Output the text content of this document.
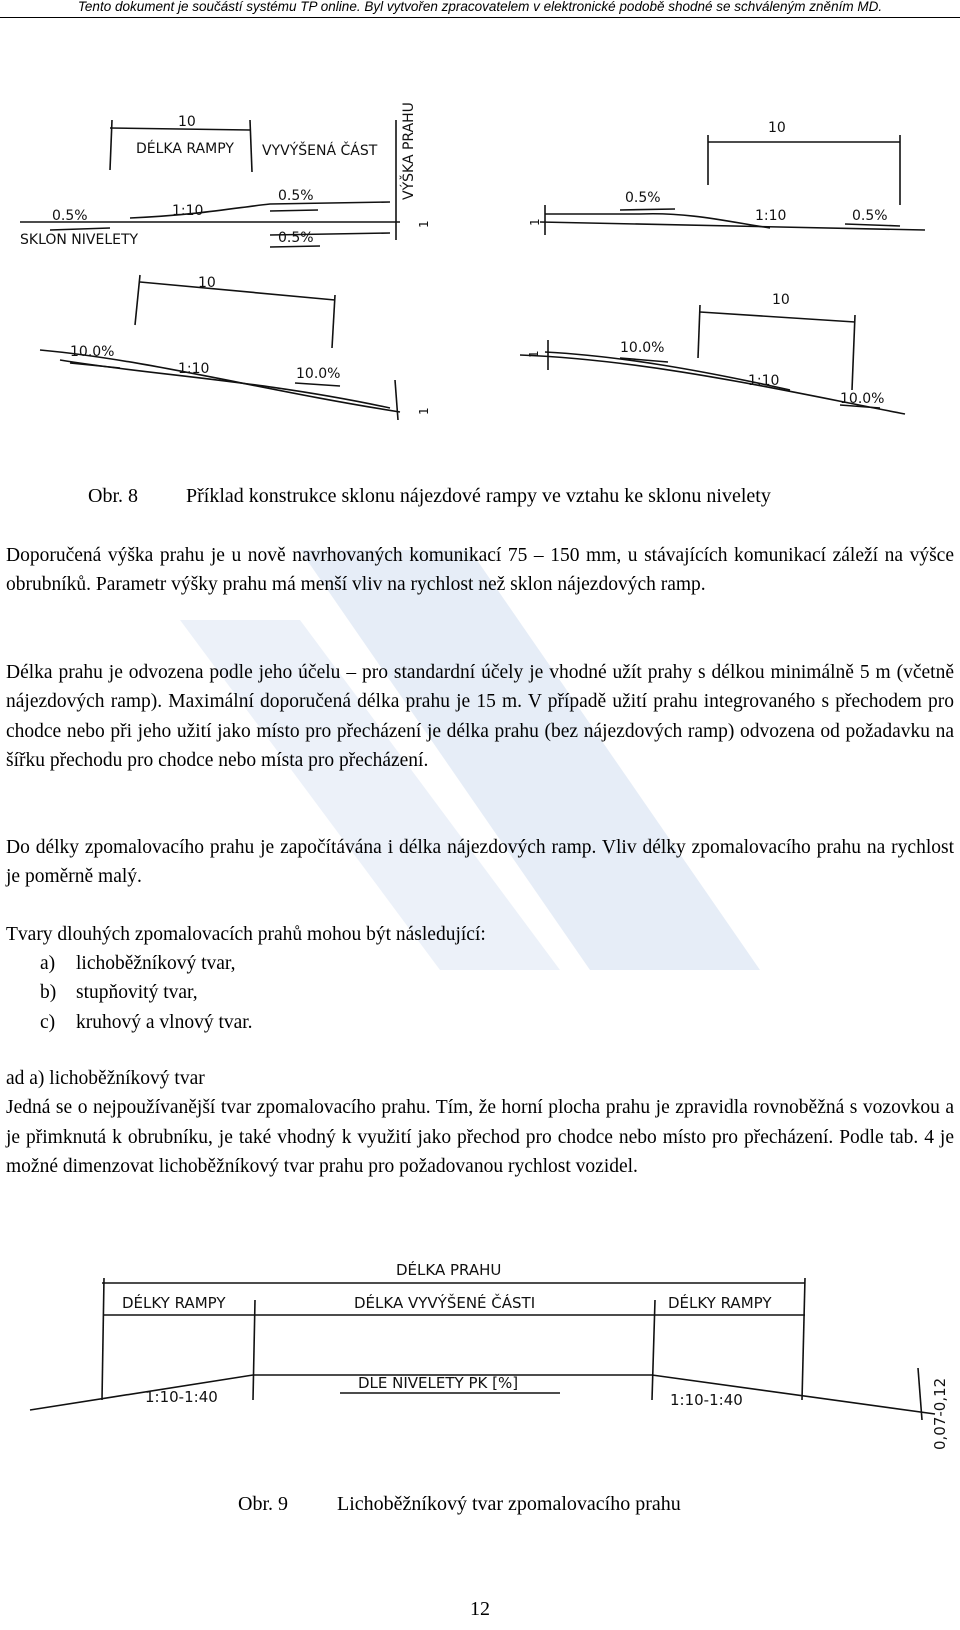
Tento dokument je součástí systému TP online. Byl vytvořen zpracovatelem v elektronické podobě shodné se schváleným zněním MD.
10
DÉLKA RAMPY VYVÝŠENÁ ČÁST VÝŠKA PRAHU
0.5%	1:10
0.5%
0.5%
SKLON NIVELETY
1
10
0.5%
1:10	0.5%
1
10
10.0%
1:10	10.0%
1
10
10.0%
1:10
10.0%
1
Obr. 8 Příklad konstrukce sklonu nájezdové rampy ve vztahu ke sklonu nivelety

Doporučená výška prahu je u nově navrhovaných komunikací 75 – 150 mm, u stávajících komunikací záleží na výšce obrubníků. Parametr výšky prahu má menší vliv na rychlost než sklon nájezdových ramp.

Délka prahu je odvozena podle jeho účelu – pro standardní účely je vhodné užít prahy s délkou minimálně 5 m (včetně nájezdových ramp). Maximální doporučená délka prahu je 15 m. V případě užití prahu integrovaného s přechodem pro chodce nebo při jeho užití jako místo pro přecházení je délka prahu (bez nájezdových ramp) odvozena od požadavku na šířku přechodu pro chodce nebo místa pro přecházení.

Do délky zpomalovacího prahu je započítávána i délka nájezdových ramp. Vliv délky zpomalovacího prahu na rychlost je poměrně malý.

Tvary dlouhých zpomalovacích prahů mohou být následující:

a)	lichoběžníkový tvar,
b)	stupňovitý tvar,
c)	kruhový a vlnový tvar.

ad a) lichoběžníkový tvar

Jedná se o nejpoužívanější tvar zpomalovacího prahu. Tím, že horní plocha prahu je zpravidla rovnoběžná s vozovkou a je přimknutá k obrubníku, je také vhodný k využití jako přechod pro chodce nebo místo pro přecházení. Podle tab. 4 je možné dimenzovat lichoběžníkový tvar prahu pro požadovanou rychlost vozidel.

DÉLKA PRAHU
DÉLKY RAMPY	DÉLKA VYVÝŠENÉ ČÁSTI	DÉLKY RAMPY
DLE NIVELETY PK [%]
1:10-1:40	1:10-1:40	0,07-0,12
Obr. 9 Lichoběžníkový tvar zpomalovacího prahu
12
